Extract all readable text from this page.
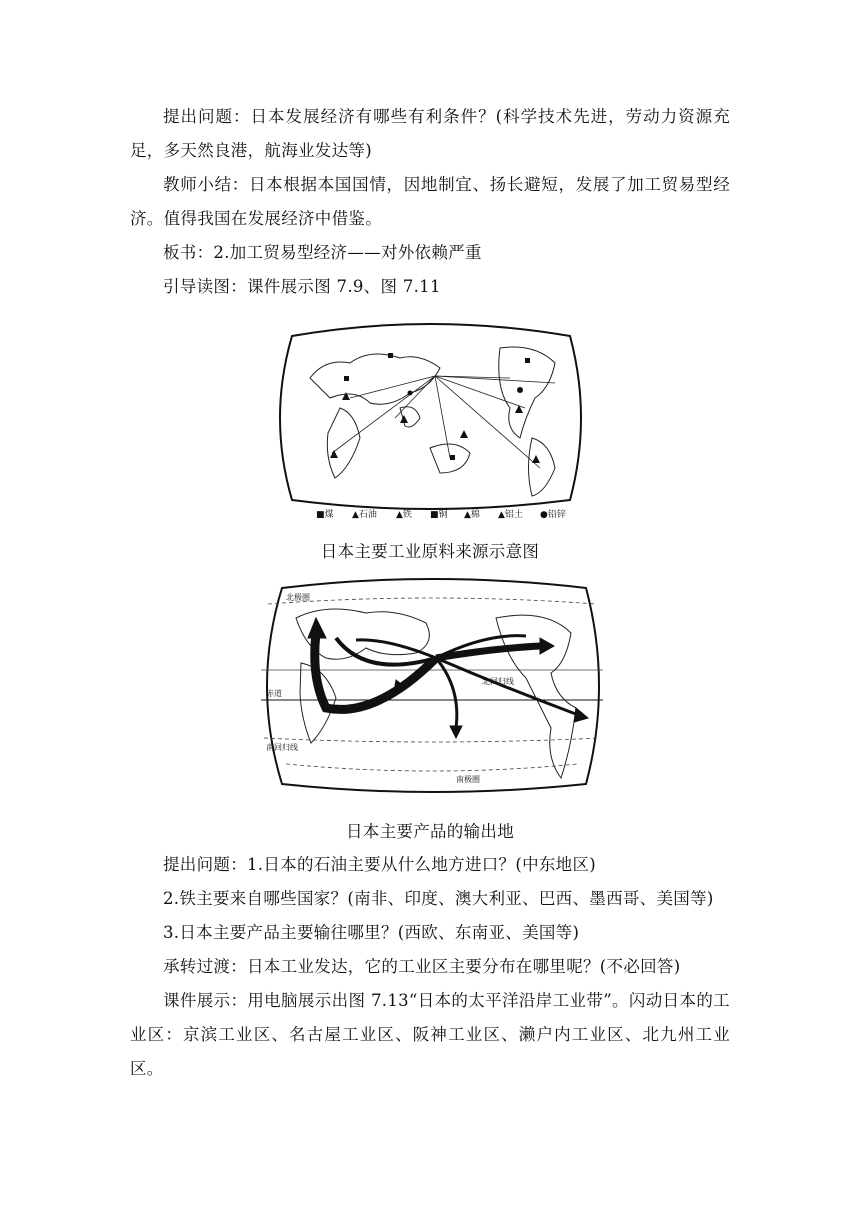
提出问题：日本发展经济有哪些有利条件？(科学技术先进，劳动力资源充足，多天然良港，航海业发达等)

教师小结：日本根据本国国情，因地制宜、扬长避短，发展了加工贸易型经济。值得我国在发展经济中借鉴。

板书：2.加工贸易型经济——对外依赖严重

引导读图：课件展示图 7.9、图 7.11

■煤 ▲石油 ▲铁 ■铜 ▲棉 ▲铝土 ●铅锌

日本主要工业原料来源示意图

北极圈
北回归线
赤道
南回归线
南极圈

日本主要产品的输出地

提出问题：1.日本的石油主要从什么地方进口？(中东地区)

2.铁主要来自哪些国家？(南非、印度、澳大利亚、巴西、墨西哥、美国等)

3.日本主要产品主要输往哪里？(西欧、东南亚、美国等)

承转过渡：日本工业发达，它的工业区主要分布在哪里呢？(不必回答)

课件展示：用电脑展示出图 7.13“日本的太平洋沿岸工业带”。闪动日本的工业区：京滨工业区、名古屋工业区、阪神工业区、濑户内工业区、北九州工业区。
